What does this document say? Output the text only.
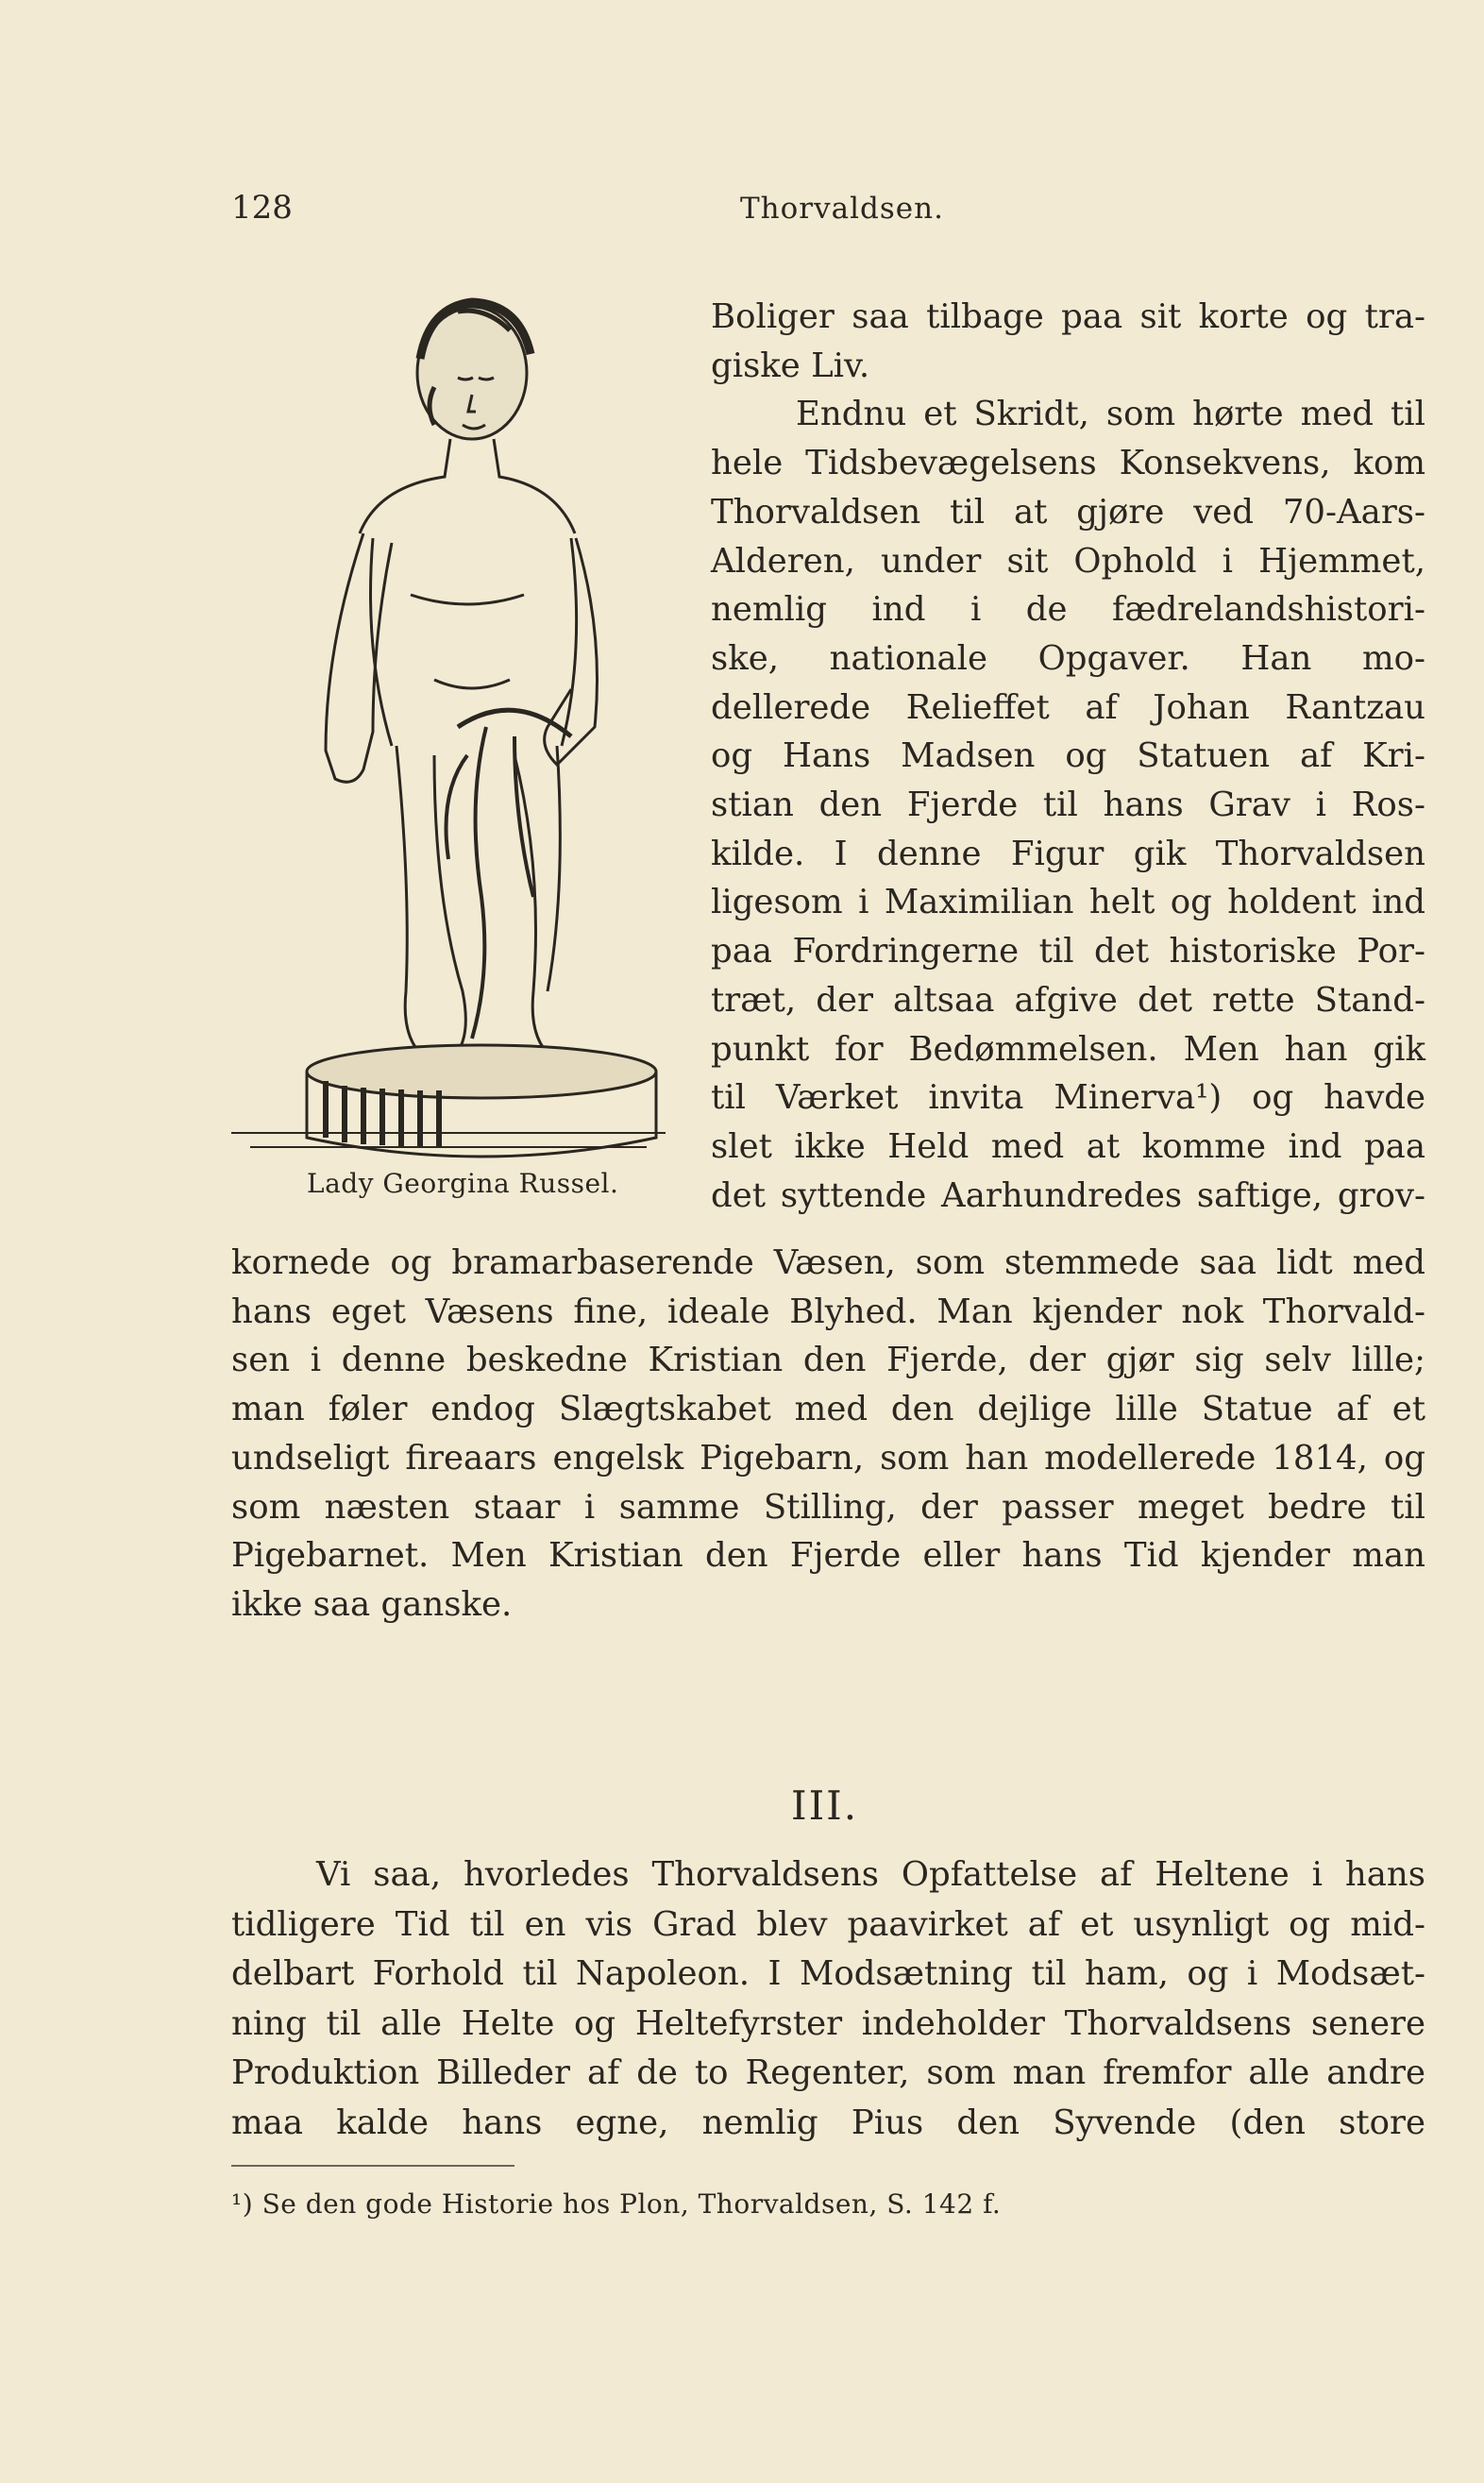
128	Thorvaldsen.
Lady Georgina Russel.
Boliger saa tilbage paa sit korte og tra-
giske Liv.
Endnu et Skridt, som hørte med til
hele Tidsbevægelsens Konsekvens, kom
Thorvaldsen til at gjøre ved 70-Aars-
Alderen, under sit Ophold i Hjemmet,
nemlig ind i de fædrelandshistori-
ske, nationale Opgaver. Han mo-
dellerede Relieffet af Johan Rantzau
og Hans Madsen og Statuen af Kri-
stian den Fjerde til hans Grav i Ros-
kilde. I denne Figur gik Thorvaldsen
ligesom i Maximilian helt og holdent ind
paa Fordringerne til det historiske Por-
træt, der altsaa afgive det rette Stand-
punkt for Bedømmelsen. Men han gik
til Værket invita Minerva¹) og havde
slet ikke Held med at komme ind paa
det syttende Aarhundredes saftige, grov-
kornede og bramarbaserende Væsen, som stemmede saa lidt med
hans eget Væsens fine, ideale Blyhed. Man kjender nok Thorvald-
sen i denne beskedne Kristian den Fjerde, der gjør sig selv lille;
man føler endog Slægtskabet med den dejlige lille Statue af et
undseligt fireaars engelsk Pigebarn, som han modellerede 1814, og
som næsten staar i samme Stilling, der passer meget bedre til
Pigebarnet. Men Kristian den Fjerde eller hans Tid kjender man
ikke saa ganske.
III.
Vi saa, hvorledes Thorvaldsens Opfattelse af Heltene i hans
tidligere Tid til en vis Grad blev paavirket af et usynligt og mid-
delbart Forhold til Napoleon. I Modsætning til ham, og i Modsæt-
ning til alle Helte og Heltefyrster indeholder Thorvaldsens senere
Produktion Billeder af de to Regenter, som man fremfor alle andre
maa kalde hans egne, nemlig Pius den Syvende (den store
¹) Se den gode Historie hos Plon, Thorvaldsen, S. 142 f.
